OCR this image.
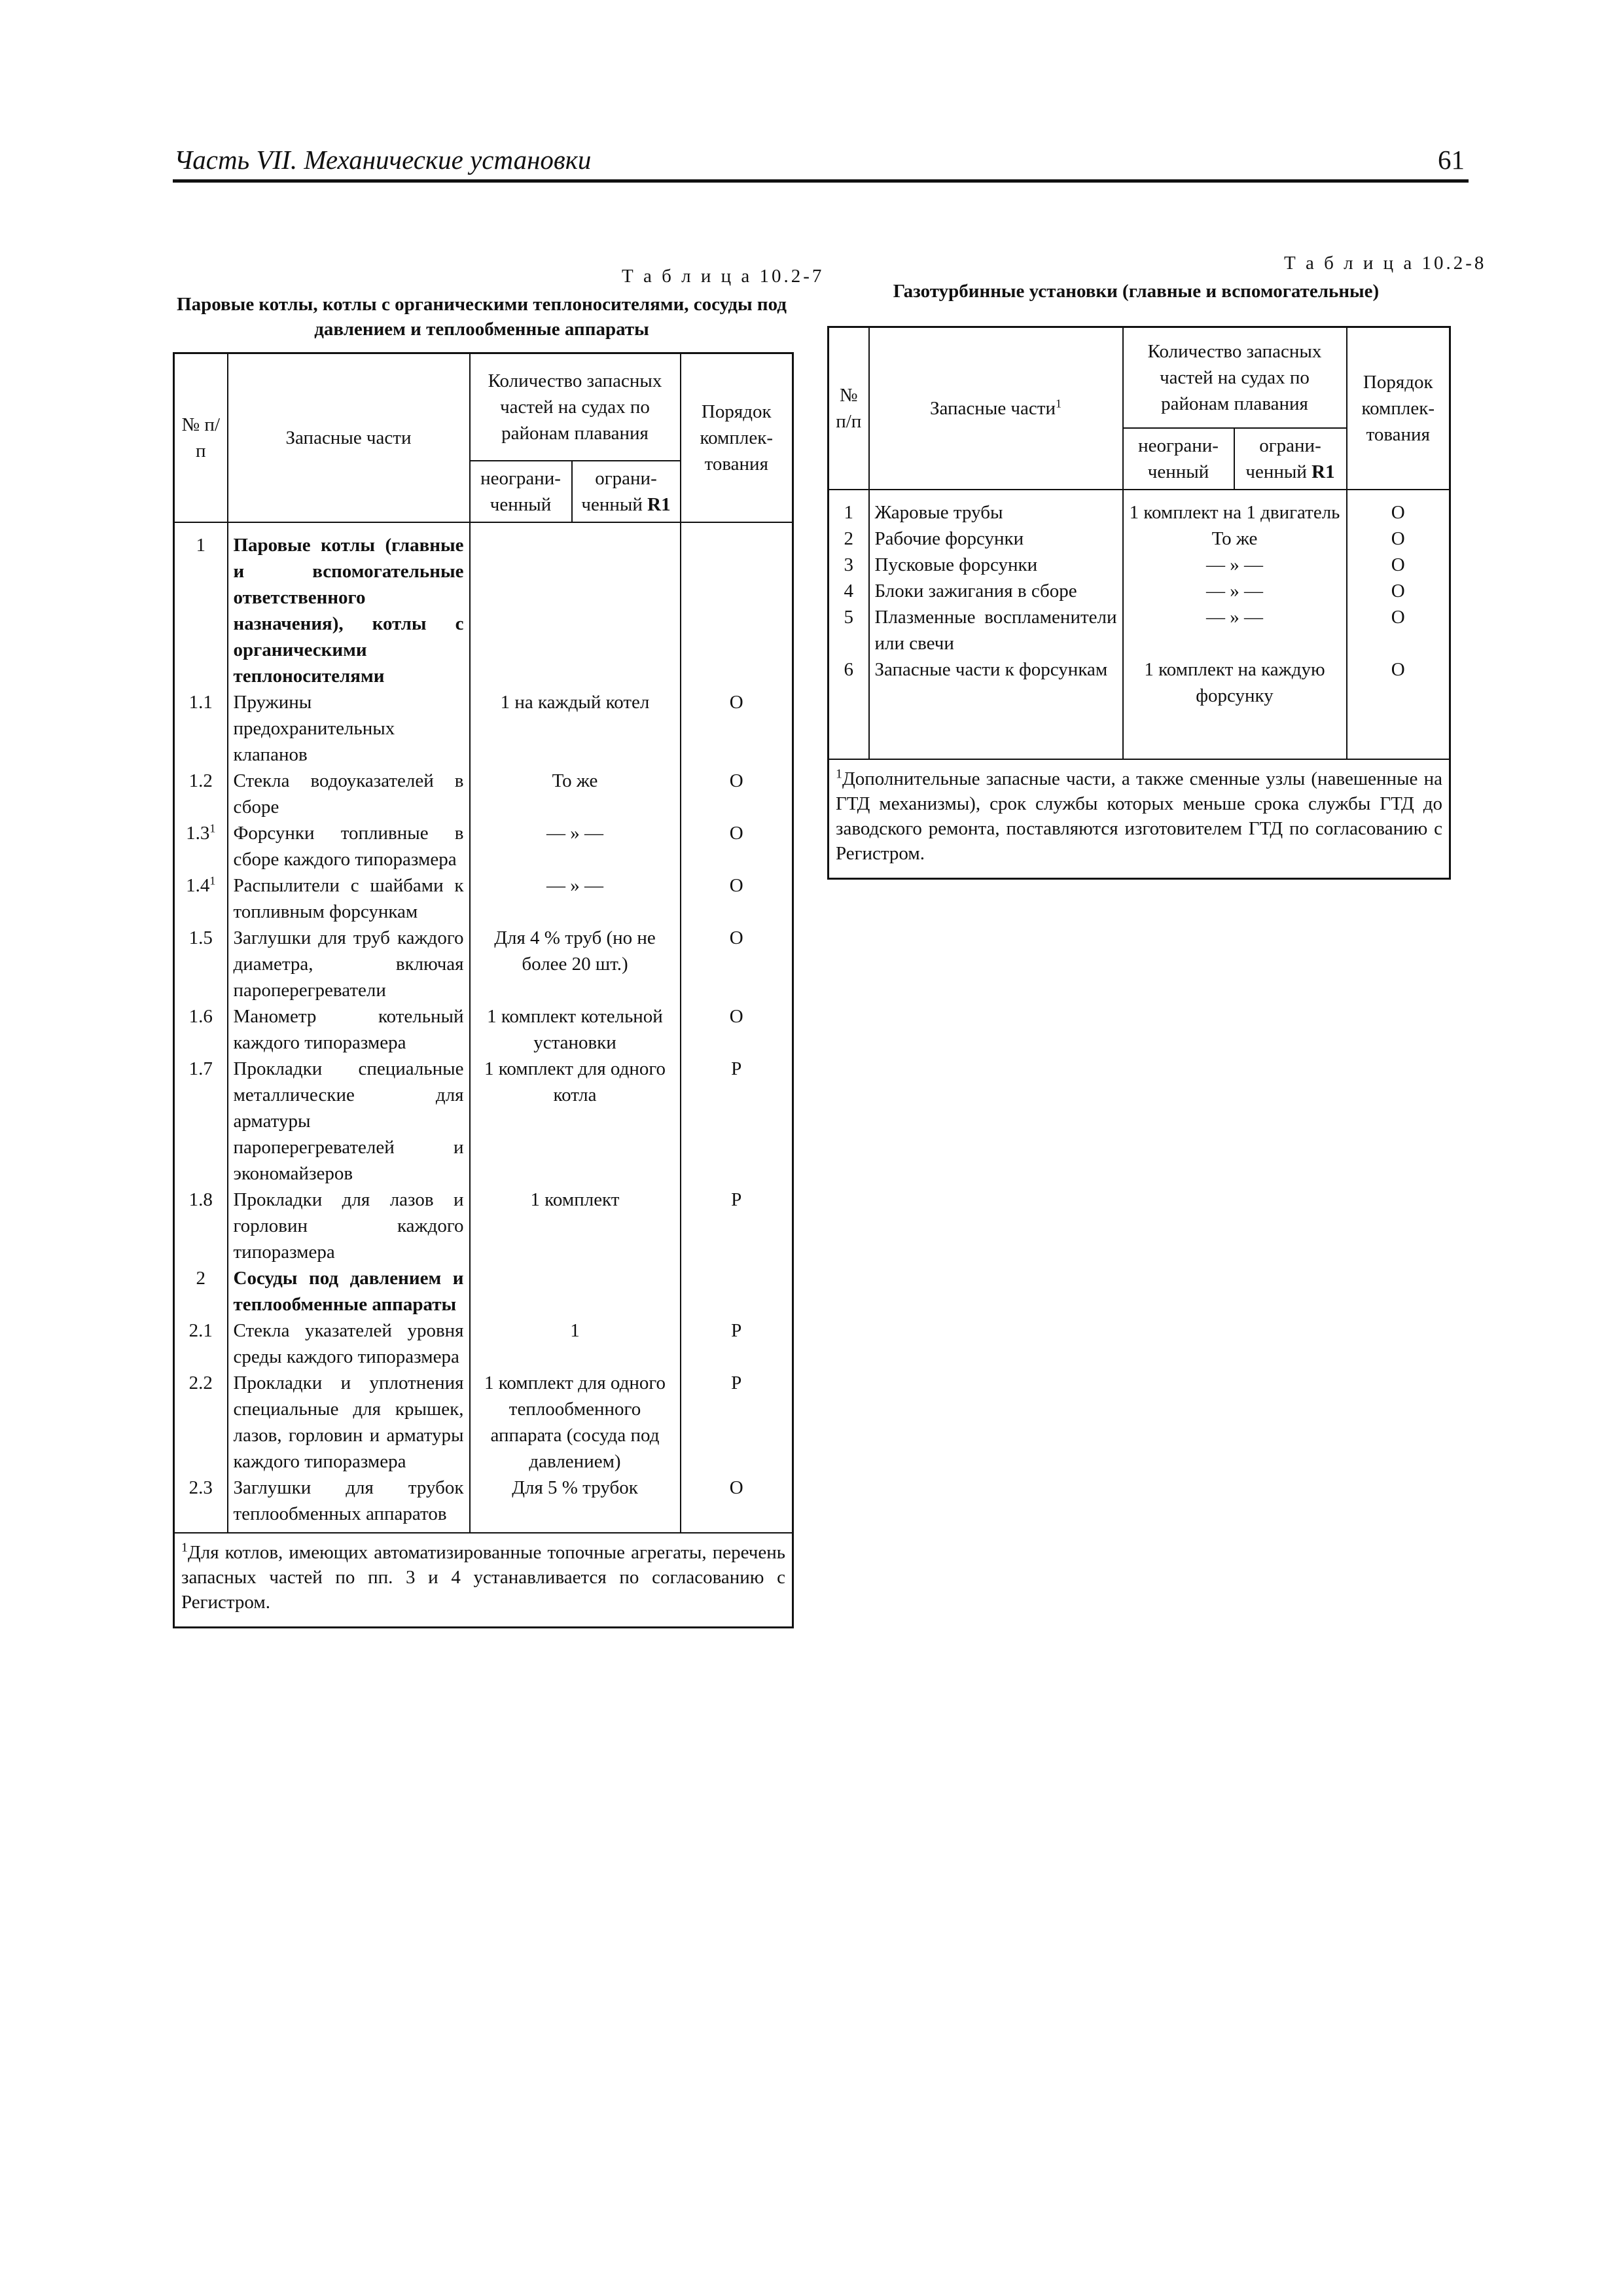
Часть VII. Механические установки	61
Т а б л и ц а 10.2-7
Паровые котлы, котлы с органическими теплоносителями, сосуды под давлением и теплообменные аппараты
№ п/п	Запасные части	Количество запасных частей на судах по районам плавания		Порядок комплек-тования
		неограни-ченный	ограни-ченный R1	
1	Паровые котлы (главные и вспомогательные ответственного назначения), котлы с органическими теплоносителями			
1.1	Пружины предохранительных клапанов	1 на каждый котел		О
1.2	Стекла водоуказателей в сборе	То же		О
$1.3^1$	Форсунки топливные в сборе каждого типоразмера	— » —		О
$1.4^1$	Распылители с шайбами к топливным форсункам	— » —		О
1.5	Заглушки для труб каждого диаметра, включая пароперегреватели	Для 4 % труб (но не более 20 шт.)		О
1.6	Манометр котельный каждого типоразмера	1 комплект котельной установки		О
1.7	Прокладки специальные металлические для арматуры пароперегревателей и экономайзеров	1 комплект для одного котла		Р
1.8	Прокладки для лазов и горловин каждого типоразмера	1 комплект		Р
2	Сосуды под давлением и теплообменные аппараты			
2.1	Стекла указателей уровня среды каждого типоразмера	1		Р
2.2	Прокладки и уплотнения специальные для крышек, лазов, горловин и арматуры каждого типоразмера	1 комплект для одного теплообменного аппарата (сосуда под давлением)		Р
2.3	Заглушки для трубок теплообменных аппаратов	Для 5 % трубок		О
$^1$Для котлов, имеющих автоматизированные топочные агрегаты, перечень запасных частей по пп. 3 и 4 устанавливается по согласованию с Регистром.				
Т а б л и ц а 10.2-8
Газотурбинные установки (главные и вспомогательные)
№ п/п	Запасные части$^1$	Количество запасных частей на судах по районам плавания		Порядок комплек-тования
		неограни-ченный	ограни-ченный R1	
1	Жаровые трубы	1 комплект на 1 двигатель		О
2	Рабочие форсунки	То же		О
3	Пусковые форсунки	— » —		О
4	Блоки зажигания в сборе	— » —		О
5	Плазменные воспламенители или свечи	— » —		О
6	Запасные части к форсункам	1 комплект на каждую форсунку		О

$^1$Дополнительные запасные части, а также сменные узлы (навешенные на ГТД механизмы), срок службы которых меньше срока службы ГТД до заводского ремонта, поставляются изготовителем ГТД по согласованию с Регистром.				
